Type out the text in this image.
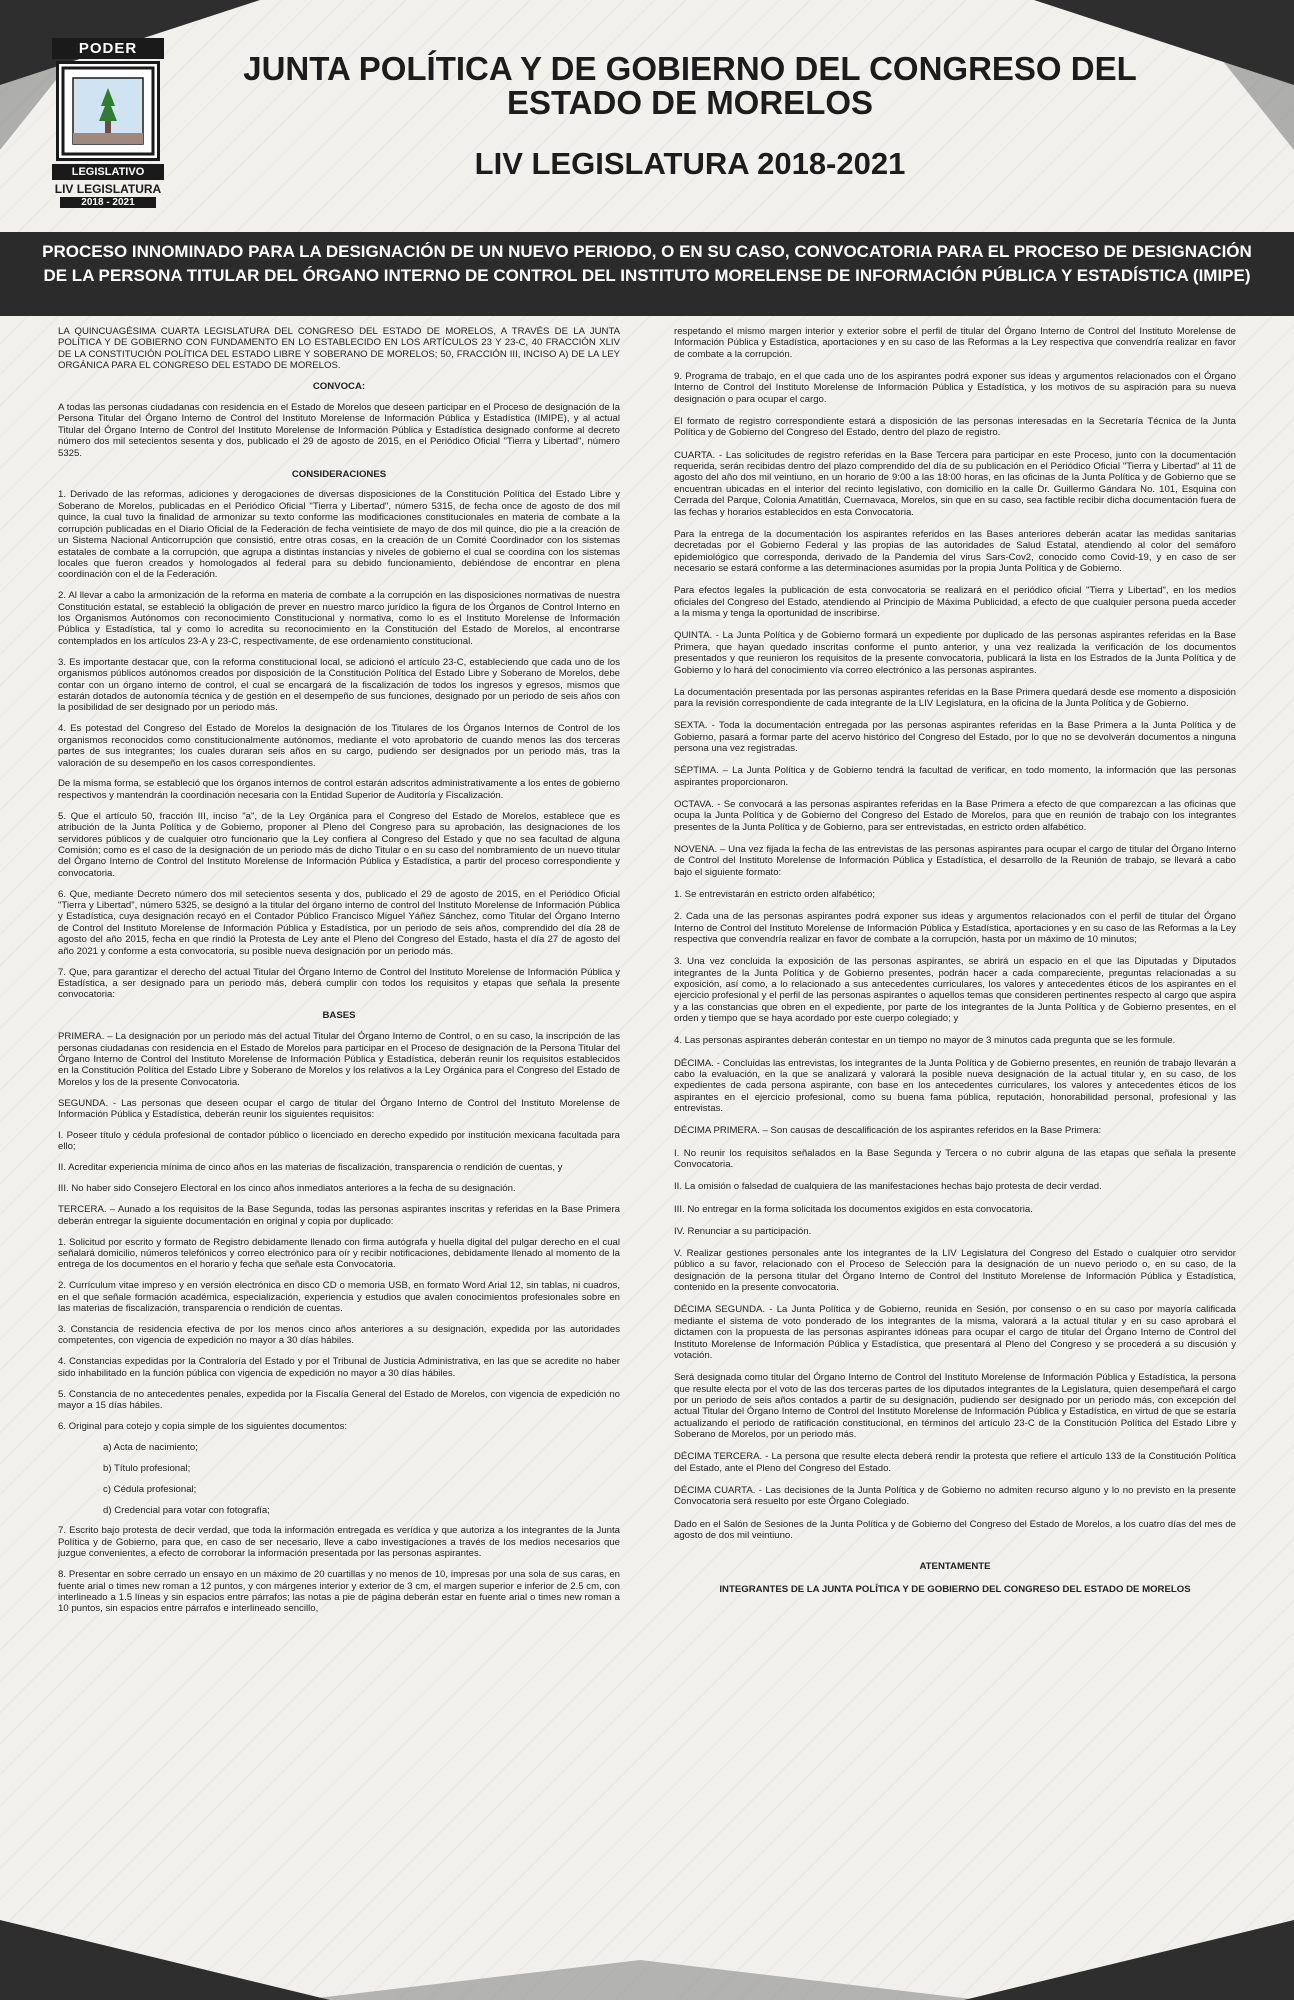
PODER
LEGISLATIVO
LIV LEGISLATURA
2018 - 2021
JUNTA POLÍTICA Y DE GOBIERNO DEL CONGRESO DEL ESTADO DE MORELOS
LIV LEGISLATURA 2018-2021
PROCESO INNOMINADO PARA LA DESIGNACIÓN DE UN NUEVO PERIODO, O EN SU CASO, CONVOCATORIA PARA EL PROCESO DE DESIGNACIÓN DE LA PERSONA TITULAR DEL ÓRGANO INTERNO DE CONTROL DEL INSTITUTO MORELENSE DE INFORMACIÓN PÚBLICA Y ESTADÍSTICA (IMIPE)

LA QUINCUAGÉSIMA CUARTA LEGISLATURA DEL CONGRESO DEL ESTADO DE MORELOS, A TRAVÉS DE LA JUNTA POLÍTICA Y DE GOBIERNO CON FUNDAMENTO EN LO ESTABLECIDO EN LOS ARTÍCULOS 23 Y 23-C, 40 FRACCIÓN XLIV DE LA CONSTITUCIÓN POLÍTICA DEL ESTADO LIBRE Y SOBERANO DE MORELOS; 50, FRACCIÓN III, INCISO A) DE LA LEY ORGÁNICA PARA EL CONGRESO DEL ESTADO DE MORELOS.

CONVOCA:

A todas las personas ciudadanas con residencia en el Estado de Morelos que deseen participar en el Proceso de designación de la Persona Titular del Órgano Interno de Control del Instituto Morelense de Información Pública y Estadística (IMIPE), y al actual Titular del Órgano Interno de Control del Instituto Morelense de Información Pública y Estadística designado conforme al decreto número dos mil setecientos sesenta y dos, publicado el 29 de agosto de 2015, en el Periódico Oficial "Tierra y Libertad", número 5325.

CONSIDERACIONES

1. Derivado de las reformas, adiciones y derogaciones de diversas disposiciones de la Constitución Política del Estado Libre y Soberano de Morelos, publicadas en el Periódico Oficial "Tierra y Libertad", número 5315, de fecha once de agosto de dos mil quince, la cual tuvo la finalidad de armonizar su texto conforme las modificaciones constitucionales en materia de combate a la corrupción publicadas en el Diario Oficial de la Federación de fecha veintisiete de mayo de dos mil quince, dio pie a la creación de un Sistema Nacional Anticorrupción que consistió, entre otras cosas, en la creación de un Comité Coordinador con los sistemas estatales de combate a la corrupción, que agrupa a distintas instancias y niveles de gobierno el cual se coordina con los sistemas locales que fueron creados y homologados al federal para su debido funcionamiento, debiéndose de encontrar en plena coordinación con el de la Federación.

2. Al llevar a cabo la armonización de la reforma en materia de combate a la corrupción en las disposiciones normativas de nuestra Constitución estatal, se estableció la obligación de prever en nuestro marco jurídico la figura de los Órganos de Control Interno en los Organismos Autónomos con reconocimiento Constitucional y normativa, como lo es el Instituto Morelense de Información Pública y Estadística, tal y como lo acredita su reconocimiento en la Constitución del Estado de Morelos, al encontrarse contemplados en los artículos 23-A y 23-C, respectivamente, de ese ordenamiento constitucional.

3. Es importante destacar que, con la reforma constitucional local, se adicionó el artículo 23-C, estableciendo que cada uno de los organismos públicos autónomos creados por disposición de la Constitución Política del Estado Libre y Soberano de Morelos, debe contar con un órgano interno de control, el cual se encargará de la fiscalización de todos los ingresos y egresos, mismos que estarán dotados de autonomía técnica y de gestión en el desempeño de sus funciones, designado por un periodo de seis años con la posibilidad de ser designado por un periodo más.

4. Es potestad del Congreso del Estado de Morelos la designación de los Titulares de los Órganos Internos de Control de los organismos reconocidos como constitucionalmente autónomos, mediante el voto aprobatorio de cuando menos las dos terceras partes de sus integrantes; los cuales duraran seis años en su cargo, pudiendo ser designados por un periodo más, tras la valoración de su desempeño en los casos correspondientes.

De la misma forma, se estableció que los órganos internos de control estarán adscritos administrativamente a los entes de gobierno respectivos y mantendrán la coordinación necesaria con la Entidad Superior de Auditoría y Fiscalización.

5. Que el artículo 50, fracción III, inciso "a", de la Ley Orgánica para el Congreso del Estado de Morelos, establece que es atribución de la Junta Política y de Gobierno, proponer al Pleno del Congreso para su aprobación, las designaciones de los servidores públicos y de cualquier otro funcionario que la Ley confiera al Congreso del Estado y que no sea facultad de alguna Comisión; como es el caso de la designación de un periodo más de dicho Titular o en su caso del nombramiento de un nuevo titular del Órgano Interno de Control del Instituto Morelense de Información Pública y Estadística, a partir del proceso correspondiente y convocatoria.

6. Que, mediante Decreto número dos mil setecientos sesenta y dos, publicado el 29 de agosto de 2015, en el Periódico Oficial "Tierra y Libertad", número 5325, se designó a la titular del órgano interno de control del Instituto Morelense de Información Pública y Estadística, cuya designación recayó en el Contador Público Francisco Miguel Yáñez Sánchez, como Titular del Órgano Interno de Control del Instituto Morelense de Información Pública y Estadística, por un periodo de seis años, comprendido del día 28 de agosto del año 2015, fecha en que rindió la Protesta de Ley ante el Pleno del Congreso del Estado, hasta el día 27 de agosto del año 2021 y conforme a esta convocatoria, su posible nueva designación por un periodo más.

7. Que, para garantizar el derecho del actual Titular del Órgano Interno de Control del Instituto Morelense de Información Pública y Estadística, a ser designado para un periodo más, deberá cumplir con todos los requisitos y etapas que señala la presente convocatoria:

BASES

PRIMERA. – La designación por un periodo más del actual Titular del Órgano Interno de Control, o en su caso, la inscripción de las personas ciudadanas con residencia en el Estado de Morelos para participar en el Proceso de designación de la Persona Titular del Órgano Interno de Control del Instituto Morelense de Información Pública y Estadística, deberán reunir los requisitos establecidos en la Constitución Política del Estado Libre y Soberano de Morelos y los relativos a la Ley Orgánica para el Congreso del Estado de Morelos y los de la presente Convocatoria.

SEGUNDA. - Las personas que deseen ocupar el cargo de titular del Órgano Interno de Control del Instituto Morelense de Información Pública y Estadística, deberán reunir los siguientes requisitos:

I. Poseer título y cédula profesional de contador público o licenciado en derecho expedido por institución mexicana facultada para ello;

II. Acreditar experiencia mínima de cinco años en las materias de fiscalización, transparencia o rendición de cuentas, y

III. No haber sido Consejero Electoral en los cinco años inmediatos anteriores a la fecha de su designación.

TERCERA. – Aunado a los requisitos de la Base Segunda, todas las personas aspirantes inscritas y referidas en la Base Primera deberán entregar la siguiente documentación en original y copia por duplicado:

1. Solicitud por escrito y formato de Registro debidamente llenado con firma autógrafa y huella digital del pulgar derecho en el cual señalará domicilio, números telefónicos y correo electrónico para oír y recibir notificaciones, debidamente llenado al momento de la entrega de los documentos en el horario y fecha que señale esta Convocatoria.

2. Currículum vitae impreso y en versión electrónica en disco CD o memoria USB, en formato Word Arial 12, sin tablas, ni cuadros, en el que señale formación académica, especialización, experiencia y estudios que avalen conocimientos profesionales sobre en las materias de fiscalización, transparencia o rendición de cuentas.

3. Constancia de residencia efectiva de por los menos cinco años anteriores a su designación, expedida por las autoridades competentes, con vigencia de expedición no mayor a 30 días hábiles.

4. Constancias expedidas por la Contraloría del Estado y por el Tribunal de Justicia Administrativa, en las que se acredite no haber sido inhabilitado en la función pública con vigencia de expedición no mayor a 30 días hábiles.

5. Constancia de no antecedentes penales, expedida por la Fiscalía General del Estado de Morelos, con vigencia de expedición no mayor a 15 días hábiles.

6. Original para cotejo y copia simple de los siguientes documentos:

a) Acta de nacimiento;

b) Título profesional;

c) Cédula profesional;

d) Credencial para votar con fotografía;

7. Escrito bajo protesta de decir verdad, que toda la información entregada es verídica y que autoriza a los integrantes de la Junta Política y de Gobierno, para que, en caso de ser necesario, lleve a cabo investigaciones a través de los medios necesarios que juzgue convenientes, a efecto de corroborar la información presentada por las personas aspirantes.

8. Presentar en sobre cerrado un ensayo en un máximo de 20 cuartillas y no menos de 10, impresas por una sola de sus caras, en fuente arial o times new roman a 12 puntos, y con márgenes interior y exterior de 3 cm, el margen superior e inferior de 2.5 cm, con interlineado a 1.5 líneas y sin espacios entre párrafos; las notas a pie de página deberán estar en fuente arial o times new roman a 10 puntos, sin espacios entre párrafos e interlineado sencillo,

respetando el mismo margen interior y exterior sobre el perfil de titular del Órgano Interno de Control del Instituto Morelense de Información Pública y Estadística, aportaciones y en su caso de las Reformas a la Ley respectiva que convendría realizar en favor de combate a la corrupción.

9. Programa de trabajo, en el que cada uno de los aspirantes podrá exponer sus ideas y argumentos relacionados con el Órgano Interno de Control del Instituto Morelense de Información Pública y Estadística, y los motivos de su aspiración para su nueva designación o para ocupar el cargo.

El formato de registro correspondiente estará a disposición de las personas interesadas en la Secretaría Técnica de la Junta Política y de Gobierno del Congreso del Estado, dentro del plazo de registro.

CUARTA. - Las solicitudes de registro referidas en la Base Tercera para participar en este Proceso, junto con la documentación requerida, serán recibidas dentro del plazo comprendido del día de su publicación en el Periódico Oficial "Tierra y Libertad" al 11 de agosto del año dos mil veintiuno, en un horario de 9:00 a las 18:00 horas, en las oficinas de la Junta Política y de Gobierno que se encuentran ubicadas en el interior del recinto legislativo, con domicilio en la calle Dr. Guillermo Gándara No. 101, Esquina con Cerrada del Parque, Colonia Amatitlán, Cuernavaca, Morelos, sin que en su caso, sea factible recibir dicha documentación fuera de las fechas y horarios establecidos en esta Convocatoria.

Para la entrega de la documentación los aspirantes referidos en las Bases anteriores deberán acatar las medidas sanitarias decretadas por el Gobierno Federal y las propias de las autoridades de Salud Estatal, atendiendo al color del semáforo epidemiológico que corresponda, derivado de la Pandemia del virus Sars-Cov2, conocido como Covid-19, y en caso de ser necesario se estará conforme a las determinaciones asumidas por la propia Junta Política y de Gobierno.

Para efectos legales la publicación de esta convocatoria se realizará en el periódico oficial "Tierra y Libertad", en los medios oficiales del Congreso del Estado, atendiendo al Principio de Máxima Publicidad, a efecto de que cualquier persona pueda acceder a la misma y tenga la oportunidad de inscribirse.

QUINTA. - La Junta Política y de Gobierno formará un expediente por duplicado de las personas aspirantes referidas en la Base Primera, que hayan quedado inscritas conforme el punto anterior, y una vez realizada la verificación de los documentos presentados y que reunieron los requisitos de la presente convocatoria, publicará la lista en los Estrados de la Junta Política y de Gobierno y lo hará del conocimiento vía correo electrónico a las personas aspirantes.

La documentación presentada por las personas aspirantes referidas en la Base Primera quedará desde ese momento a disposición para la revisión correspondiente de cada integrante de la LIV Legislatura, en la oficina de la Junta Política y de Gobierno.

SEXTA. - Toda la documentación entregada por las personas aspirantes referidas en la Base Primera a la Junta Política y de Gobierno, pasará a formar parte del acervo histórico del Congreso del Estado, por lo que no se devolverán documentos a ninguna persona una vez registradas.

SÉPTIMA. – La Junta Política y de Gobierno tendrá la facultad de verificar, en todo momento, la información que las personas aspirantes proporcionaron.

OCTAVA. - Se convocará a las personas aspirantes referidas en la Base Primera a efecto de que comparezcan a las oficinas que ocupa la Junta Política y de Gobierno del Congreso del Estado de Morelos, para que en reunión de trabajo con los integrantes presentes de la Junta Política y de Gobierno, para ser entrevistadas, en estricto orden alfabético.

NOVENA. – Una vez fijada la fecha de las entrevistas de las personas aspirantes para ocupar el cargo de titular del Órgano Interno de Control del Instituto Morelense de Información Pública y Estadística, el desarrollo de la Reunión de trabajo, se llevará a cabo bajo el siguiente formato:

1. Se entrevistarán en estricto orden alfabético;

2. Cada una de las personas aspirantes podrá exponer sus ideas y argumentos relacionados con el perfil de titular del Órgano Interno de Control del Instituto Morelense de Información Pública y Estadística, aportaciones y en su caso de las Reformas a la Ley respectiva que convendría realizar en favor de combate a la corrupción, hasta por un máximo de 10 minutos;

3. Una vez concluida la exposición de las personas aspirantes, se abrirá un espacio en el que las Diputadas y Diputados integrantes de la Junta Política y de Gobierno presentes, podrán hacer a cada compareciente, preguntas relacionadas a su exposición, así como, a lo relacionado a sus antecedentes curriculares, los valores y antecedentes éticos de los aspirantes en el ejercicio profesional y el perfil de las personas aspirantes o aquellos temas que consideren pertinentes respecto al cargo que aspira y a las constancias que obren en el expediente, por parte de los integrantes de la Junta Política y de Gobierno presentes, en el orden y tiempo que se haya acordado por este cuerpo colegiado; y

4. Las personas aspirantes deberán contestar en un tiempo no mayor de 3 minutos cada pregunta que se les formule.

DÉCIMA. - Concluidas las entrevistas, los integrantes de la Junta Política y de Gobierno presentes, en reunión de trabajo llevarán a cabo la evaluación, en la que se analizará y valorará la posible nueva designación de la actual titular y, en su caso, de los expedientes de cada persona aspirante, con base en los antecedentes curriculares, los valores y antecedentes éticos de los aspirantes en el ejercicio profesional, como su buena fama pública, reputación, honorabilidad personal, profesional y las entrevistas.

DÉCIMA PRIMERA. – Son causas de descalificación de los aspirantes referidos en la Base Primera:

I. No reunir los requisitos señalados en la Base Segunda y Tercera o no cubrir alguna de las etapas que señala la presente Convocatoria.

II. La omisión o falsedad de cualquiera de las manifestaciones hechas bajo protesta de decir verdad.

III. No entregar en la forma solicitada los documentos exigidos en esta convocatoria.

IV. Renunciar a su participación.

V. Realizar gestiones personales ante los integrantes de la LIV Legislatura del Congreso del Estado o cualquier otro servidor público a su favor, relacionado con el Proceso de Selección para la designación de un nuevo periodo o, en su caso, de la designación de la persona titular del Órgano Interno de Control del Instituto Morelense de Información Pública y Estadística, contenido en la presente convocatoria.

DÉCIMA SEGUNDA. - La Junta Política y de Gobierno, reunida en Sesión, por consenso o en su caso por mayoría calificada mediante el sistema de voto ponderado de los integrantes de la misma, valorará a la actual titular y en su caso aprobará el dictamen con la propuesta de las personas aspirantes idóneas para ocupar el cargo de titular del Órgano Interno de Control del Instituto Morelense de Información Pública y Estadística, que presentará al Pleno del Congreso y se procederá a su discusión y votación.

Será designada como titular del Órgano Interno de Control del Instituto Morelense de Información Pública y Estadística, la persona que resulte electa por el voto de las dos terceras partes de los diputados integrantes de la Legislatura, quien desempeñará el cargo por un periodo de seis años contados a partir de su designación, pudiendo ser designado por un periodo más, con excepción del actual Titular del Órgano Interno de Control del Instituto Morelense de Información Pública y Estadística, en virtud de que se estaría actualizando el periodo de ratificación constitucional, en términos del artículo 23-C de la Constitución Política del Estado Libre y Soberano de Morelos, por un periodo más.

DÉCIMA TERCERA. - La persona que resulte electa deberá rendir la protesta que refiere el artículo 133 de la Constitución Política del Estado, ante el Pleno del Congreso del Estado.

DÉCIMA CUARTA. - Las decisiones de la Junta Política y de Gobierno no admiten recurso alguno y lo no previsto en la presente Convocatoria será resuelto por este Órgano Colegiado.

Dado en el Salón de Sesiones de la Junta Política y de Gobierno del Congreso del Estado de Morelos, a los cuatro días del mes de agosto de dos mil veintiuno.

ATENTAMENTE

INTEGRANTES DE LA JUNTA POLÍTICA Y DE GOBIERNO DEL CONGRESO DEL ESTADO DE MORELOS
